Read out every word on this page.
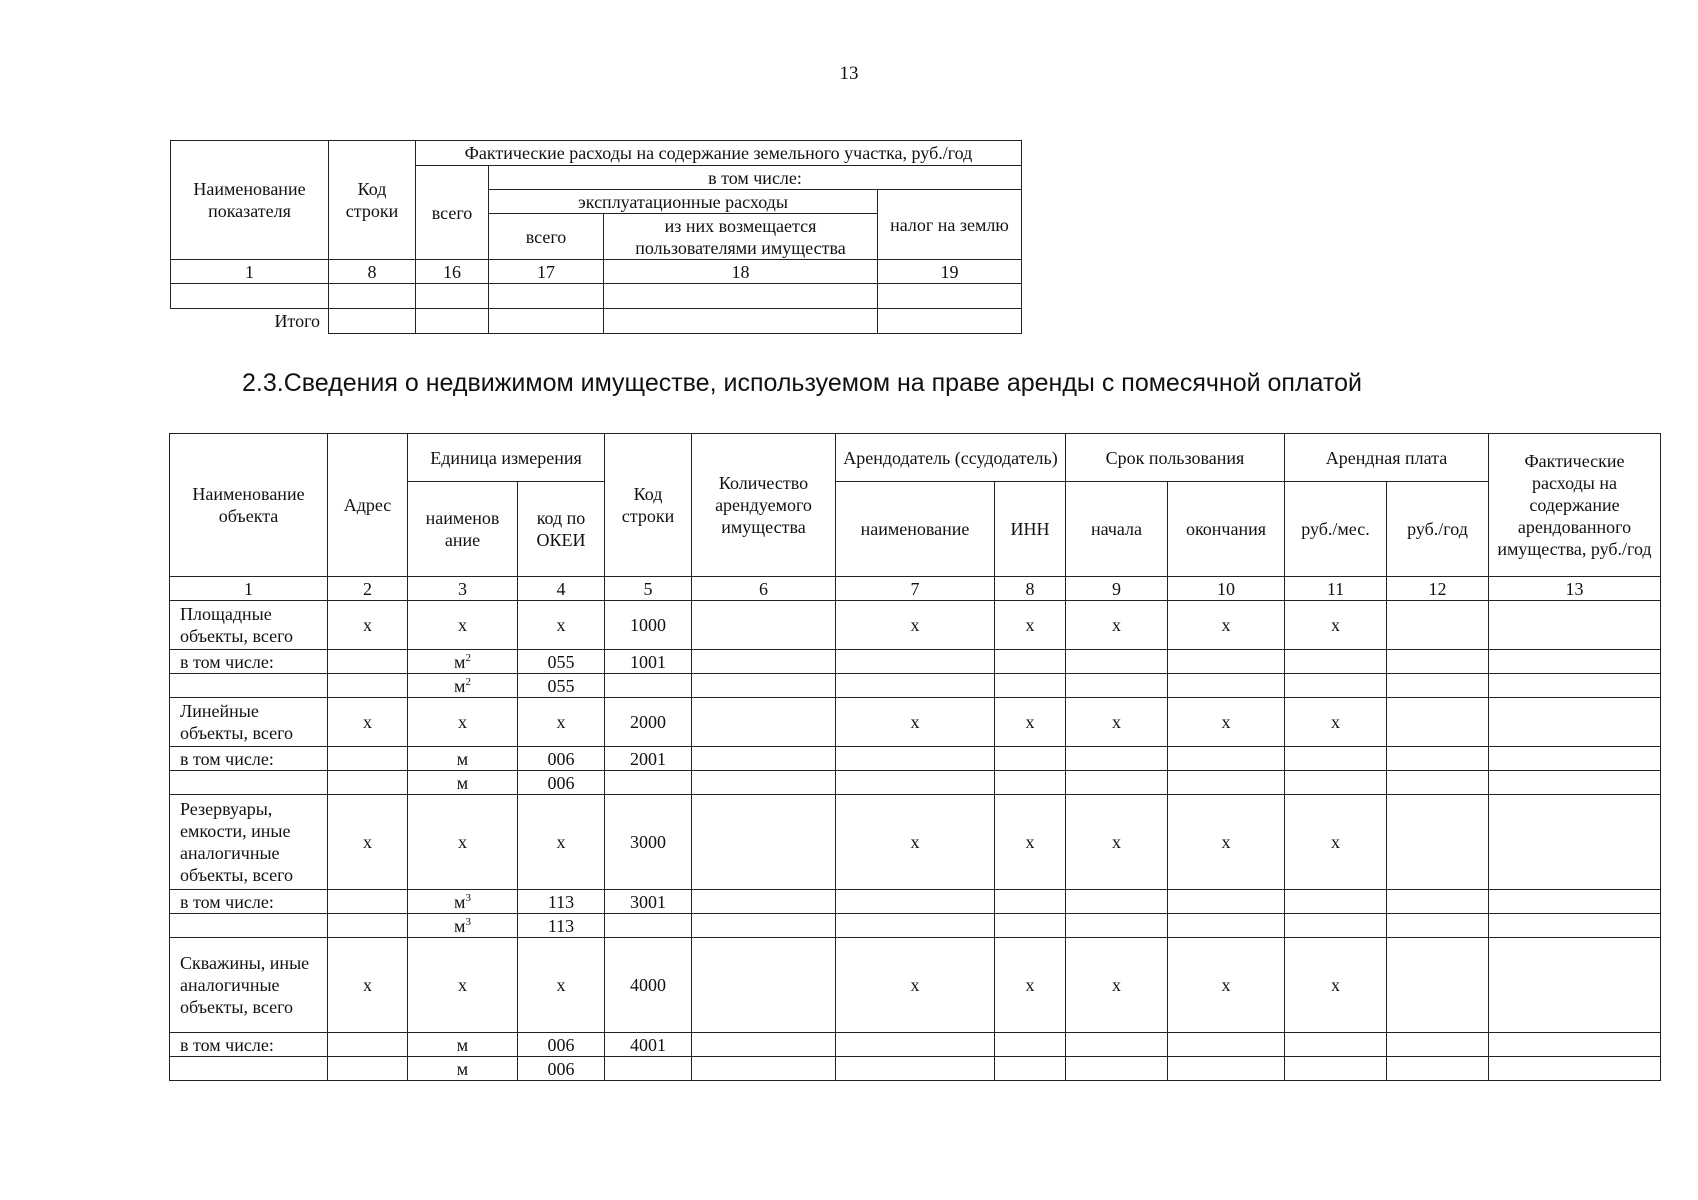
13
Наименование показателя	Код строки	Фактические расходы на содержание земельного участка, руб./год			
		всего	в том числе:		
			эксплуатационные расходы		налог на землю
			всего	из них возмещается пользователями имущества	
1	8	16	17	18	19

Итого					
2.3.Сведения о недвижимом имуществе, используемом на праве аренды с помесячной оплатой
Наименование объекта	Адрес	Единица измерения		Код строки	Количество арендуемого имущества	Арендодатель (ссудодатель)		Срок пользования		Арендная плата		Фактические расходы на содержание арендованного имущества, руб./год
		наименов ание	код по ОКЕИ			наименование	ИНН	начала	окончания	руб./мес.	руб./год	
1	2	3	4	5	6	7	8	9	10	11	12	13
Площадные объекты, всего	х	х	х	1000		х	х	х	х	х		
в том числе:		$м^2$	055	1001								
		$м^2$	055									
Линейные объекты, всего	х	х	х	2000		х	х	х	х	х		
в том числе:		м	006	2001								
		м	006									
Резервуары, емкости, иные аналогичные объекты, всего	х	х	х	3000		х	х	х	х	х		
в том числе:		$м^3$	113	3001								
		$м^3$	113									
Скважины, иные аналогичные объекты, всего	х	х	х	4000		х	х	х	х	х		
в том числе:		м	006	4001								
		м	006									
